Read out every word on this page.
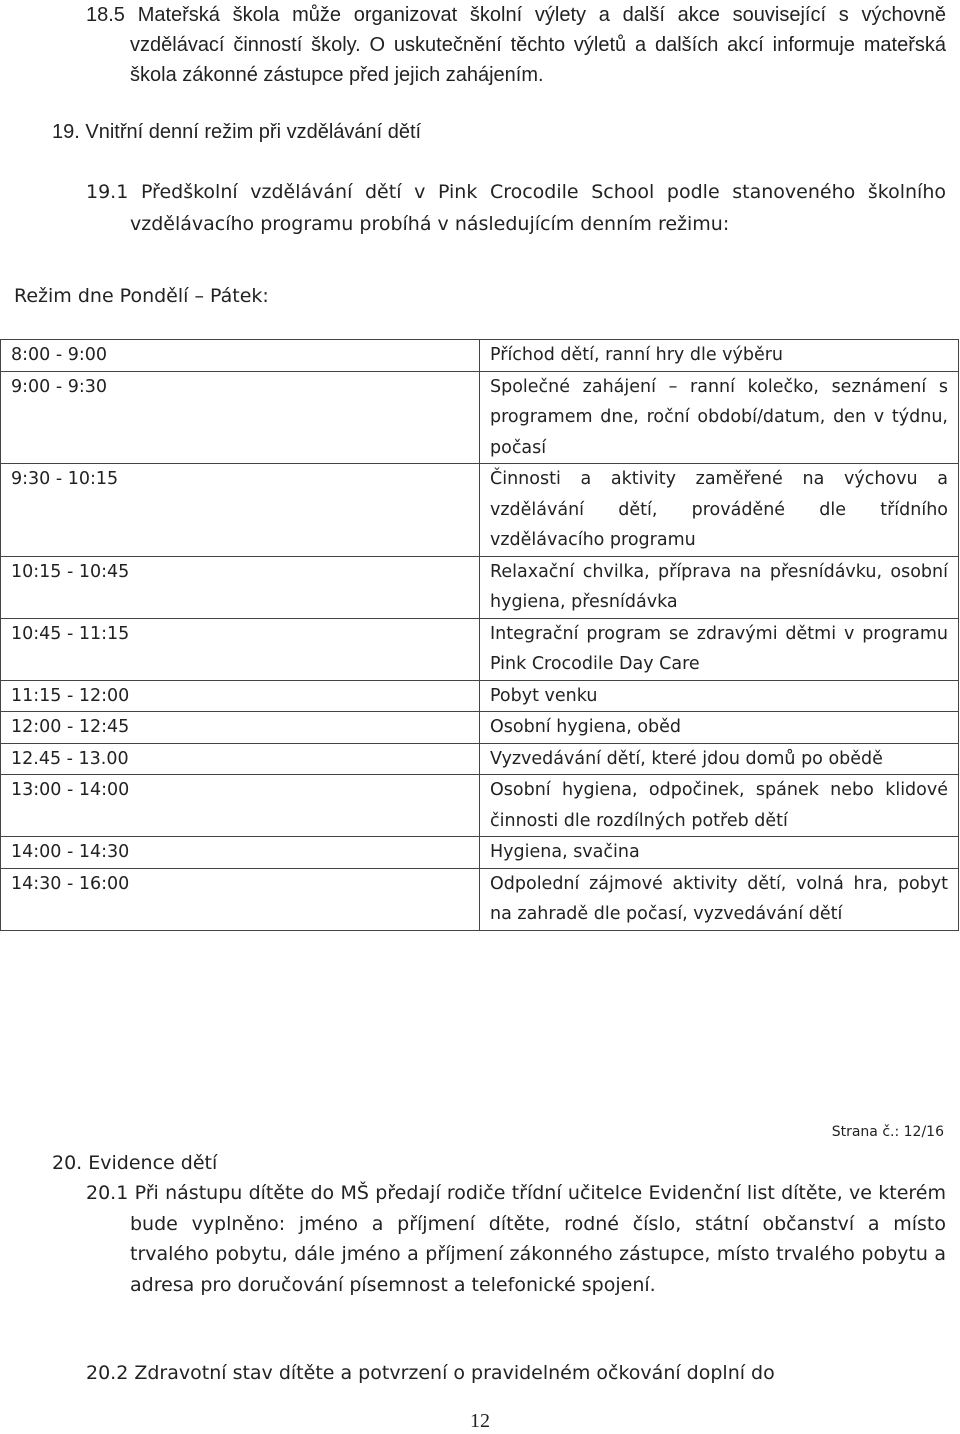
18.5 Mateřská škola může organizovat školní výlety a další akce související s výchovně vzdělávací činností školy. O uskutečnění těchto výletů a dalších akcí informuje mateřská škola zákonné zástupce před jejich zahájením.

19. Vnitřní denní režim při vzdělávání dětí

19.1 Předškolní vzdělávání dětí v Pink Crocodile School podle stanoveného školního vzdělávacího programu probíhá v následujícím denním režimu:

Režim dne Pondělí – Pátek:
8:00 - 9:00	Příchod dětí, ranní hry dle výběru
9:00 - 9:30	Společné zahájení – ranní kolečko, seznámení s programem dne, roční období/datum, den v týdnu, počasí
9:30 - 10:15	Činnosti a aktivity zaměřené na výchovu a vzdělávání dětí, prováděné dle třídního vzdělávacího programu
10:15 - 10:45	Relaxační chvilka, příprava na přesnídávku, osobní hygiena, přesnídávka
10:45 - 11:15	Integrační program se zdravými dětmi v programu Pink Crocodile Day Care
11:15 - 12:00	Pobyt venku
12:00 - 12:45	Osobní hygiena, oběd
12.45 - 13.00	Vyzvedávání dětí, které jdou domů po obědě
13:00 - 14:00	Osobní hygiena, odpočinek, spánek nebo klidové činnosti dle rozdílných potřeb dětí
14:00 - 14:30	Hygiena, svačina
14:30 - 16:00	Odpolední zájmové aktivity dětí, volná hra, pobyt na zahradě dle počasí, vyzvedávání dětí
Strana č.: 12/16
20. Evidence dětí

20.1 Při nástupu dítěte do MŠ předají rodiče třídní učitelce Evidenční list dítěte, ve kterém bude vyplněno: jméno a příjmení dítěte, rodné číslo, státní občanství a místo trvalého pobytu, dále jméno a příjmení zákonného zástupce, místo trvalého pobytu a adresa pro doručování písemnost a telefonické spojení.

20.2 Zdravotní stav dítěte a potvrzení o pravidelném očkování doplní do

12
